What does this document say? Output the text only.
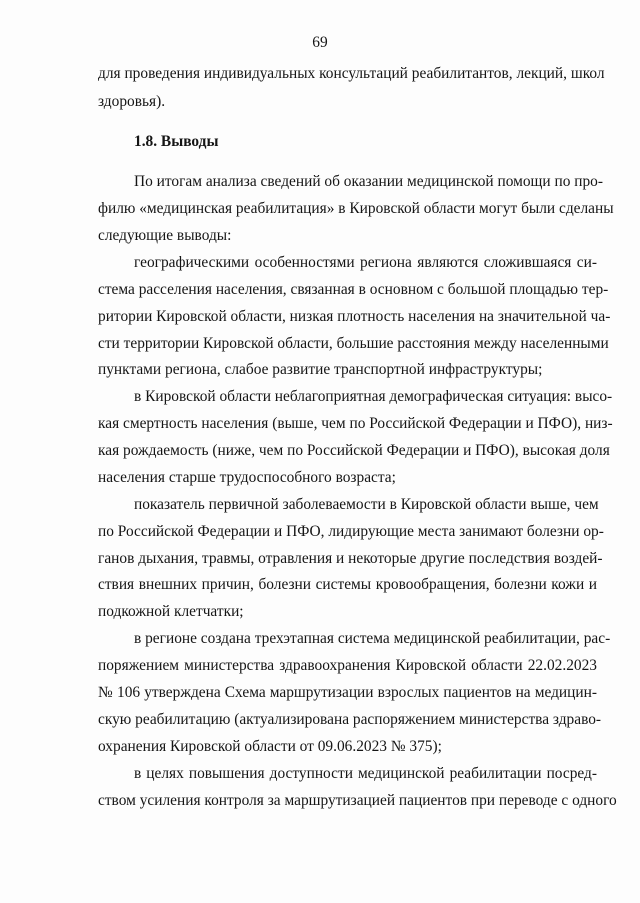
69
для проведения индивидуальных консультаций реабилитантов, лекций, школ
здоровья).
1.8. Выводы
По итогам анализа сведений об оказании медицинской помощи по про-
филю «медицинская реабилитация» в Кировской области могут были сделаны
следующие выводы:
географическими особенностями региона являются сложившаяся си-
стема расселения населения, связанная в основном с большой площадью тер-
ритории Кировской области, низкая плотность населения на значительной ча-
сти территории Кировской области, большие расстояния между населенными
пунктами региона, слабое развитие транспортной инфраструктуры;
в Кировской области неблагоприятная демографическая ситуация: высо-
кая смертность населения (выше, чем по Российской Федерации и ПФО), низ-
кая рождаемость (ниже, чем по Российской Федерации и ПФО), высокая доля
населения старше трудоспособного возраста;
показатель первичной заболеваемости в Кировской области выше, чем
по Российской Федерации и ПФО, лидирующие места занимают болезни ор-
ганов дыхания, травмы, отравления и некоторые другие последствия воздей-
ствия внешних причин, болезни системы кровообращения, болезни кожи и
подкожной клетчатки;
в регионе создана трехэтапная система медицинской реабилитации, рас-
поряжением министерства здравоохранения Кировской области 22.02.2023
№ 106 утверждена Схема маршрутизации взрослых пациентов на медицин-
скую реабилитацию (актуализирована распоряжением министерства здраво-
охранения Кировской области от 09.06.2023 № 375);
в целях повышения доступности медицинской реабилитации посред-
ством усиления контроля за маршрутизацией пациентов при переводе с одного
